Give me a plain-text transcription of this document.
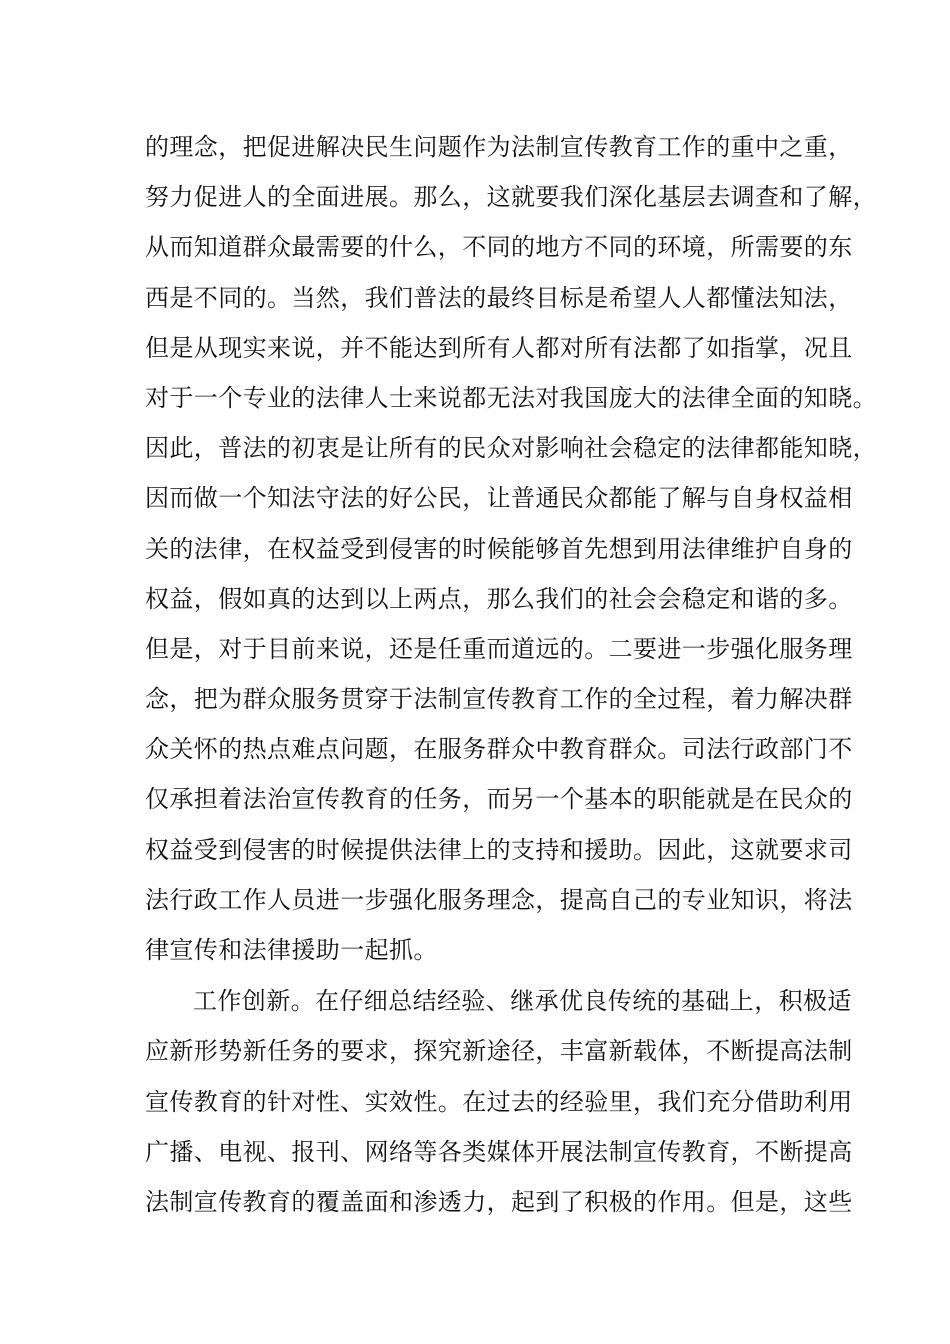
的理念，把促进解决民生问题作为法制宣传教育工作的重中之重，
努力促进人的全面进展。那么，这就要我们深化基层去调查和了解，
从而知道群众最需要的什么，不同的地方不同的环境，所需要的东
西是不同的。当然，我们普法的最终目标是希望人人都懂法知法，
但是从现实来说，并不能达到所有人都对所有法都了如指掌，况且
对于一个专业的法律人士来说都无法对我国庞大的法律全面的知晓。
因此，普法的初衷是让所有的民众对影响社会稳定的法律都能知晓，
因而做一个知法守法的好公民，让普通民众都能了解与自身权益相
关的法律，在权益受到侵害的时候能够首先想到用法律维护自身的
权益，假如真的达到以上两点，那么我们的社会会稳定和谐的多。
但是，对于目前来说，还是任重而道远的。二要进一步强化服务理
念，把为群众服务贯穿于法制宣传教育工作的全过程，着力解决群
众关怀的热点难点问题，在服务群众中教育群众。司法行政部门不
仅承担着法治宣传教育的任务，而另一个基本的职能就是在民众的
权益受到侵害的时候提供法律上的支持和援助。因此，这就要求司
法行政工作人员进一步强化服务理念，提高自己的专业知识，将法
律宣传和法律援助一起抓。
工作创新。在仔细总结经验、继承优良传统的基础上，积极适
应新形势新任务的要求，探究新途径，丰富新载体，不断提高法制
宣传教育的针对性、实效性。在过去的经验里，我们充分借助利用
广播、电视、报刊、网络等各类媒体开展法制宣传教育，不断提高
法制宣传教育的覆盖面和渗透力，起到了积极的作用。但是，这些
